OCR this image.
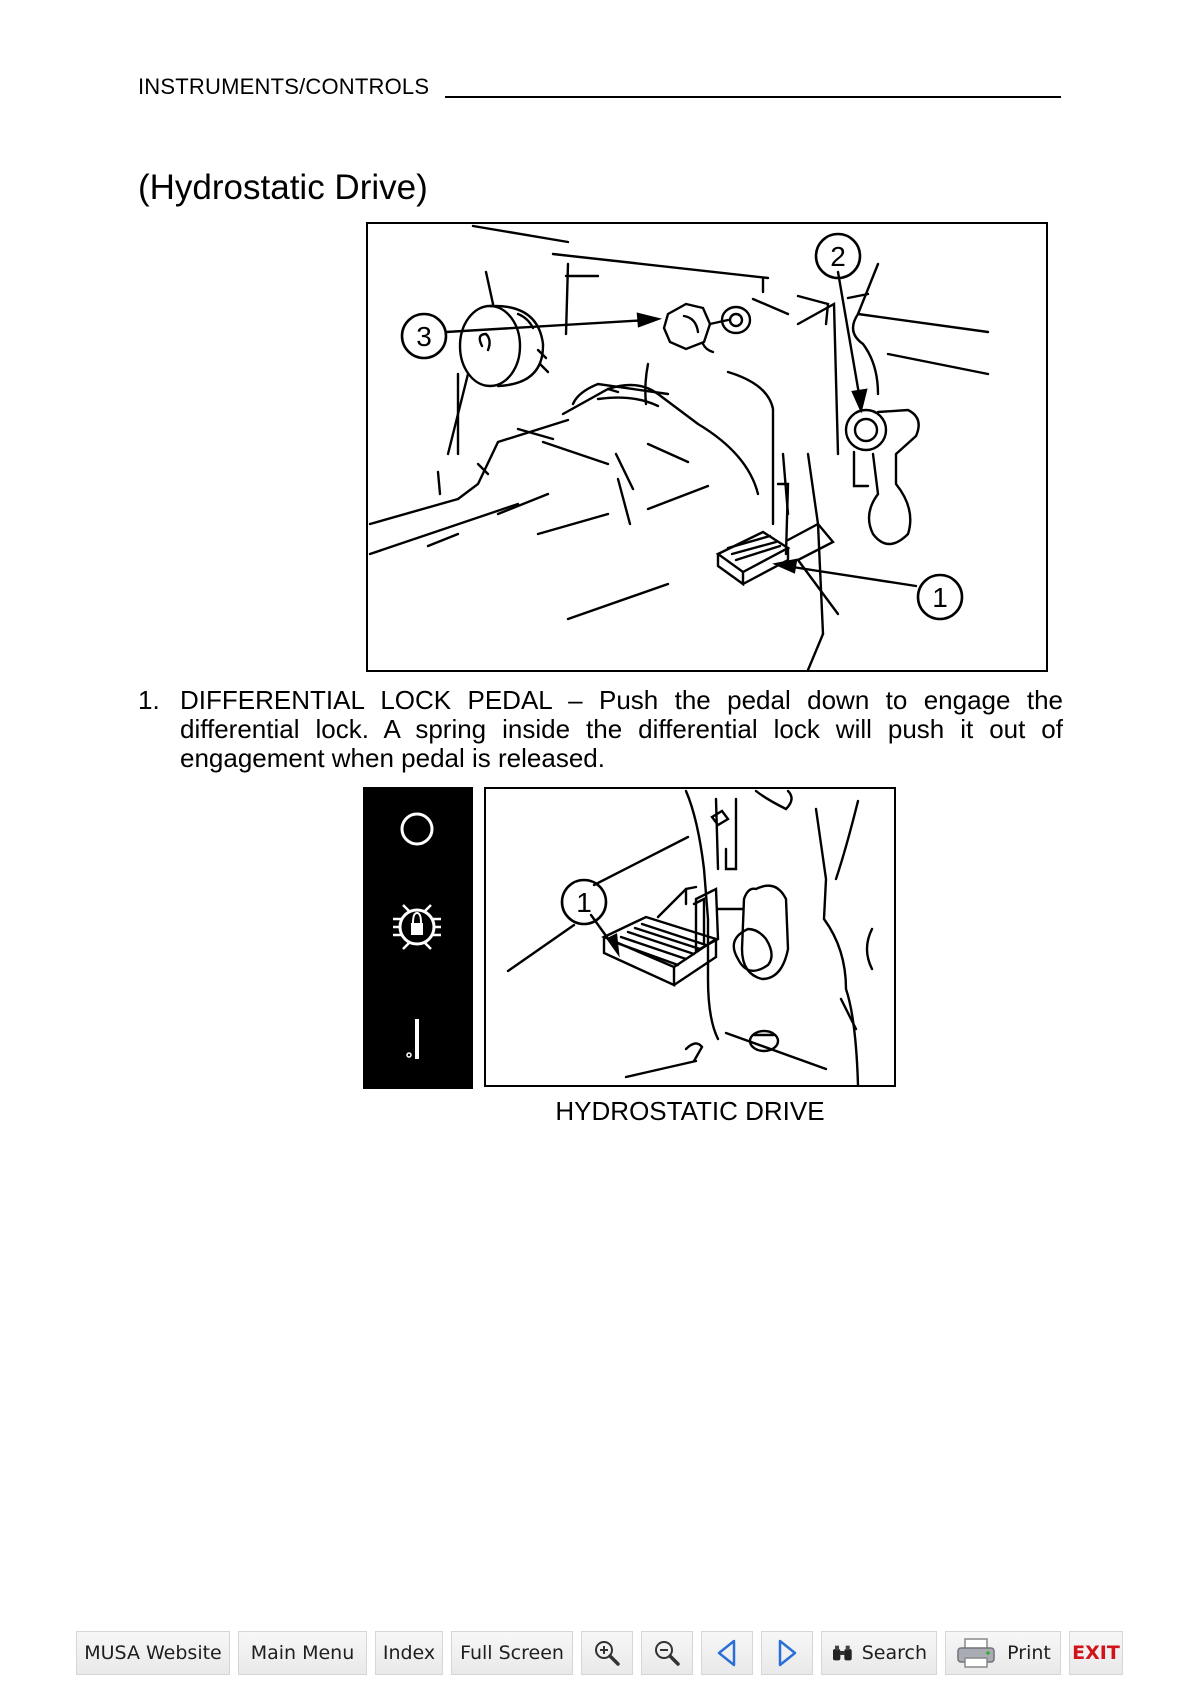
INSTRUMENTS/CONTROLS
(Hydrostatic Drive)
2
3
1
1. DIFFERENTIAL LOCK PEDAL – Push the pedal down to engage the differential lock. A spring inside the differential lock will push it out of engagement when pedal is released.
1
HYDROSTATIC DRIVE
MUSA Website Main Menu Index Full Screen	Search	Print EXIT
